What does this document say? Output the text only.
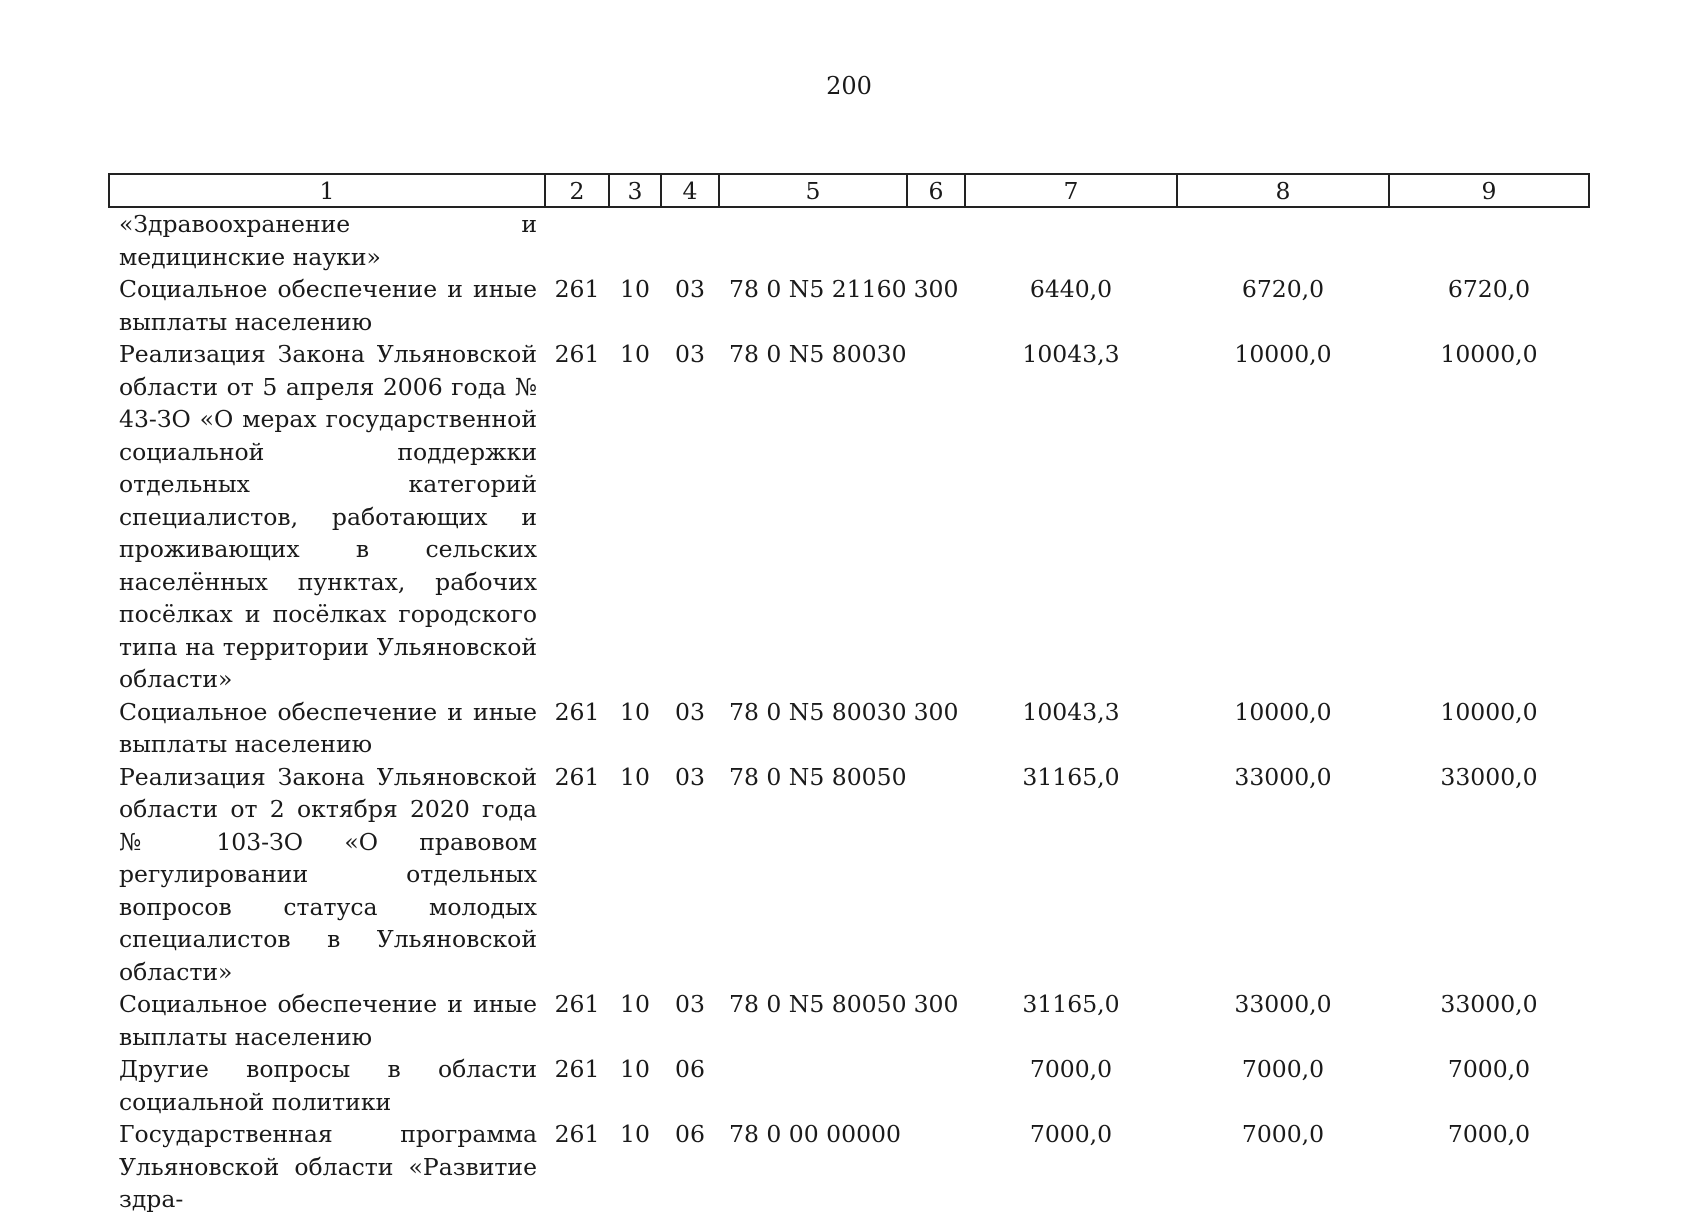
200
1	2	3	4	5	6	7	8	9
«Здравоохранение и медицинские науки»								
Социальное обеспечение и иные выплаты населению	261	10	03	78 0 N5 21160	300	6440,0	6720,0	6720,0
Реализация Закона Ульяновской области от 5 апреля 2006 года № 43-ЗО «О мерах государственной социальной поддержки отдельных категорий специалистов, работающих и проживающих в сельских населённых пунктах, рабочих посёлках и посёлках городского типа на территории Ульяновской области»	261	10	03	78 0 N5 80030		10043,3	10000,0	10000,0
Социальное обеспечение и иные выплаты населению	261	10	03	78 0 N5 80030	300	10043,3	10000,0	10000,0
Реализация Закона Ульяновской области от 2 октября 2020 года № 103-ЗО «О правовом регулировании отдельных вопросов статуса молодых специалистов в Ульяновской области»	261	10	03	78 0 N5 80050		31165,0	33000,0	33000,0
Социальное обеспечение и иные выплаты населению	261	10	03	78 0 N5 80050	300	31165,0	33000,0	33000,0
Другие вопросы в области социальной политики	261	10	06			7000,0	7000,0	7000,0
Государственная программа Ульяновской области «Развитие здра-	261	10	06	78 0 00 00000		7000,0	7000,0	7000,0
